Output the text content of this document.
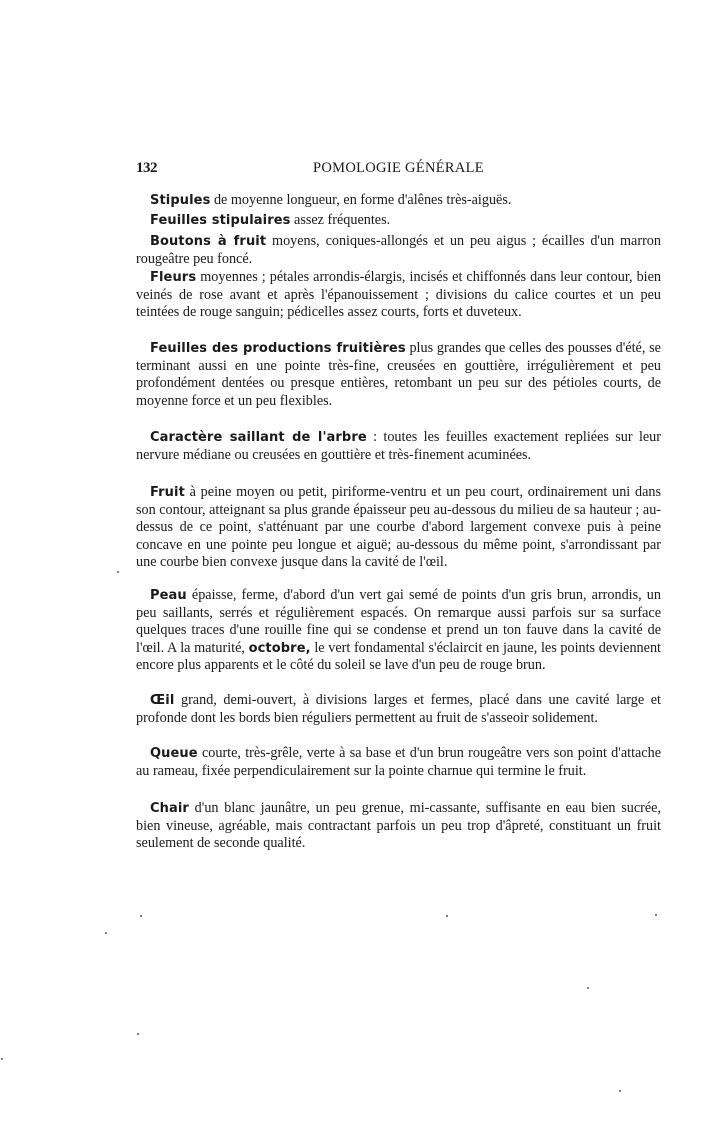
132	POMOLOGIE GÉNÉRALE

Stipules de moyenne longueur, en forme d'alênes très-aiguës.

Feuilles stipulaires assez fréquentes.

Boutons à fruit moyens, coniques-allongés et un peu aigus ; écailles d'un marron rougeâtre peu foncé.

Fleurs moyennes ; pétales arrondis-élargis, incisés et chiffonnés dans leur contour, bien veinés de rose avant et après l'épanouissement ; divisions du calice courtes et un peu teintées de rouge sanguin; pédicelles assez courts, forts et duveteux.

Feuilles des productions fruitières plus grandes que celles des pousses d'été, se terminant aussi en une pointe très-fine, creusées en gouttière, irrégulièrement et peu profondément dentées ou presque entières, retombant un peu sur des pétioles courts, de moyenne force et un peu flexibles.

Caractère saillant de l'arbre : toutes les feuilles exactement repliées sur leur nervure médiane ou creusées en gouttière et très-finement acuminées.

Fruit à peine moyen ou petit, piriforme-ventru et un peu court, ordinairement uni dans son contour, atteignant sa plus grande épaisseur peu au-dessous du milieu de sa hauteur ; au-dessus de ce point, s'atténuant par une courbe d'abord largement convexe puis à peine concave en une pointe peu longue et aiguë; au-dessous du même point, s'arrondissant par une courbe bien convexe jusque dans la cavité de l'œil.

Peau épaisse, ferme, d'abord d'un vert gai semé de points d'un gris brun, arrondis, un peu saillants, serrés et régulièrement espacés. On remarque aussi parfois sur sa surface quelques traces d'une rouille fine qui se condense et prend un ton fauve dans la cavité de l'œil. A la maturité, octobre, le vert fondamental s'éclaircit en jaune, les points deviennent encore plus apparents et le côté du soleil se lave d'un peu de rouge brun.

Œil grand, demi-ouvert, à divisions larges et fermes, placé dans une cavité large et profonde dont les bords bien réguliers permettent au fruit de s'asseoir solidement.

Queue courte, très-grêle, verte à sa base et d'un brun rougeâtre vers son point d'attache au rameau, fixée perpendiculairement sur la pointe charnue qui termine le fruit.

Chair d'un blanc jaunâtre, un peu grenue, mi-cassante, suffisante en eau bien sucrée, bien vineuse, agréable, mais contractant parfois un peu trop d'âpreté, constituant un fruit seulement de seconde qualité.
